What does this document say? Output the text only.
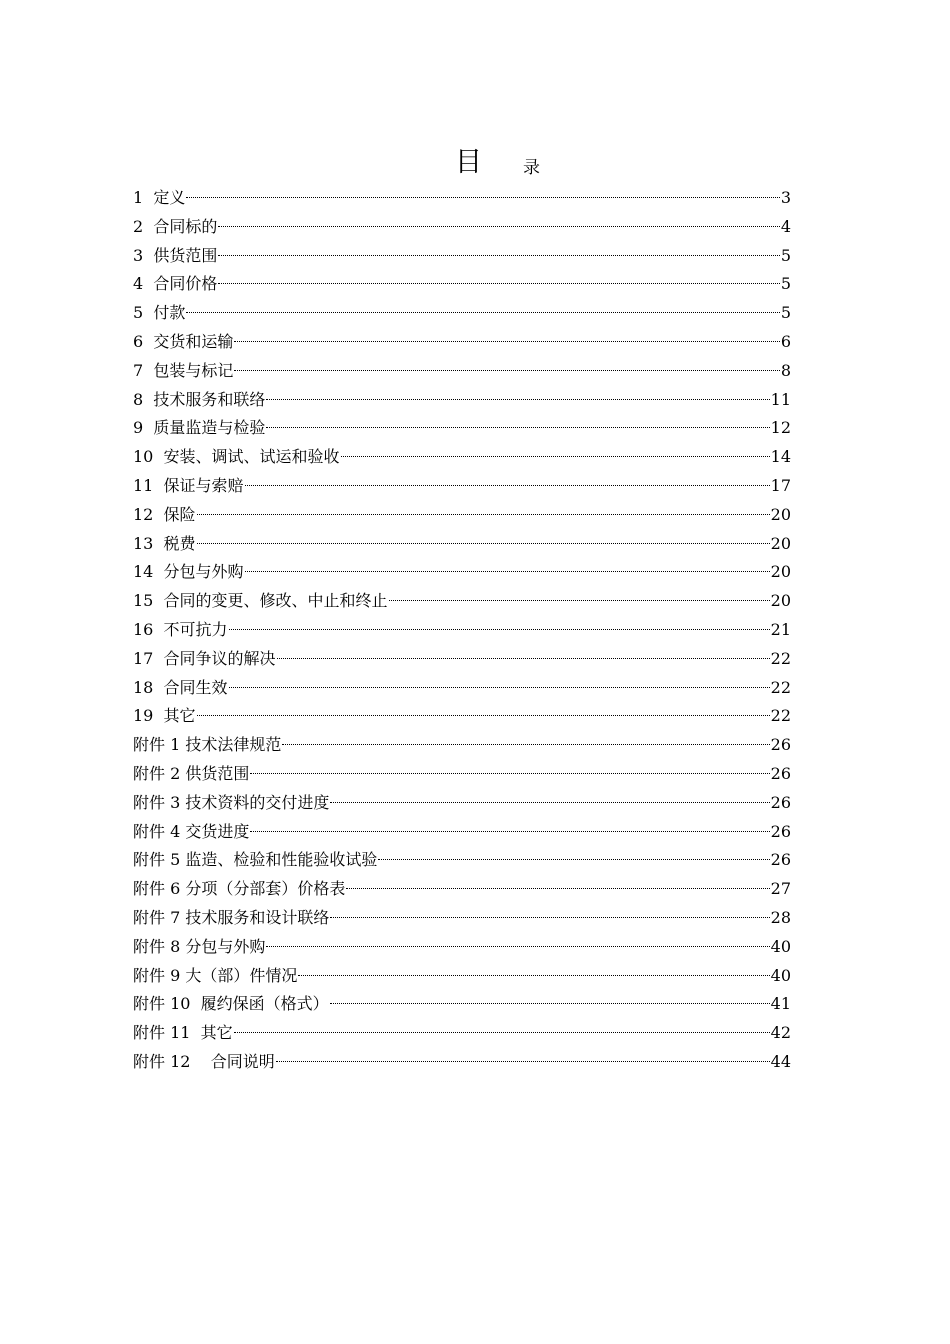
目 录
1  定义	3
2  合同标的	4
3  供货范围	5
4  合同价格	5
5  付款	5
6  交货和运输	6
7  包装与标记	8
8  技术服务和联络	11
9  质量监造与检验	12
10  安装、调试、试运和验收	14
11  保证与索赔	17
12  保险	20
13  税费	20
14  分包与外购	20
15  合同的变更、修改、中止和终止	20
16  不可抗力	21
17  合同争议的解决	22
18  合同生效	22
19  其它	22
附件 1 技术法律规范	26
附件 2 供货范围	26
附件 3 技术资料的交付进度	26
附件 4 交货进度	26
附件 5 监造、检验和性能验收试验	26
附件 6 分项（分部套）价格表	27
附件 7 技术服务和设计联络	28
附件 8 分包与外购	40
附件 9 大（部）件情况	40
附件 10  履约保函（格式）	41
附件 11  其它	42
附件 12    合同说明	44
